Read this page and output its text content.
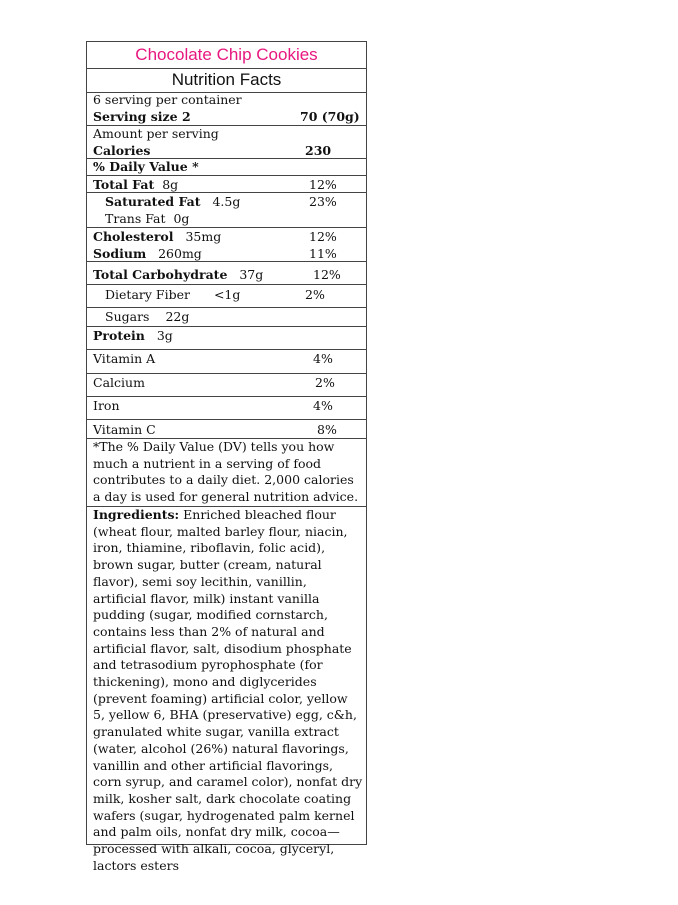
Chocolate Chip Cookies
Nutrition Facts
6 serving per container
Serving size 2	70 (70g)
Amount per serving
Calories	230
% Daily Value *
Total Fat 8g	12%
Saturated Fat 4.5g	23%
Trans Fat 0g
Cholesterol 35mg	12%
Sodium 260mg	11%
Total Carbohydrate 37g	12%
Dietary Fiber <1g	2%
Sugars 22g
Protein 3g
Vitamin A	4%
Calcium	2%
Iron	4%
Vitamin C	8%
*The % Daily Value (DV) tells you how much a nutrient in a serving of food contributes to a daily diet. 2,000 calories a day is used for general nutrition advice.
Ingredients: Enriched bleached flour (wheat flour, malted barley flour, niacin, iron, thiamine, riboflavin, folic acid), brown sugar, butter (cream, natural flavor), semi soy lecithin, vanillin, artificial flavor, milk) instant vanilla pudding (sugar, modified cornstarch, contains less than 2% of natural and artificial flavor, salt, disodium phosphate and tetrasodium pyrophosphate (for thickening), mono and diglycerides (prevent foaming) artificial color, yellow 5, yellow 6, BHA (preservative) egg, c&h, granulated white sugar, vanilla extract (water, alcohol (26%) natural flavorings, vanillin and other artificial flavorings, corn syrup, and caramel color), nonfat dry milk, kosher salt, dark chocolate coating wafers (sugar, hydrogenated palm kernel and palm oils, nonfat dry milk, cocoa—processed with alkali, cocoa, glyceryl, lactors esters
